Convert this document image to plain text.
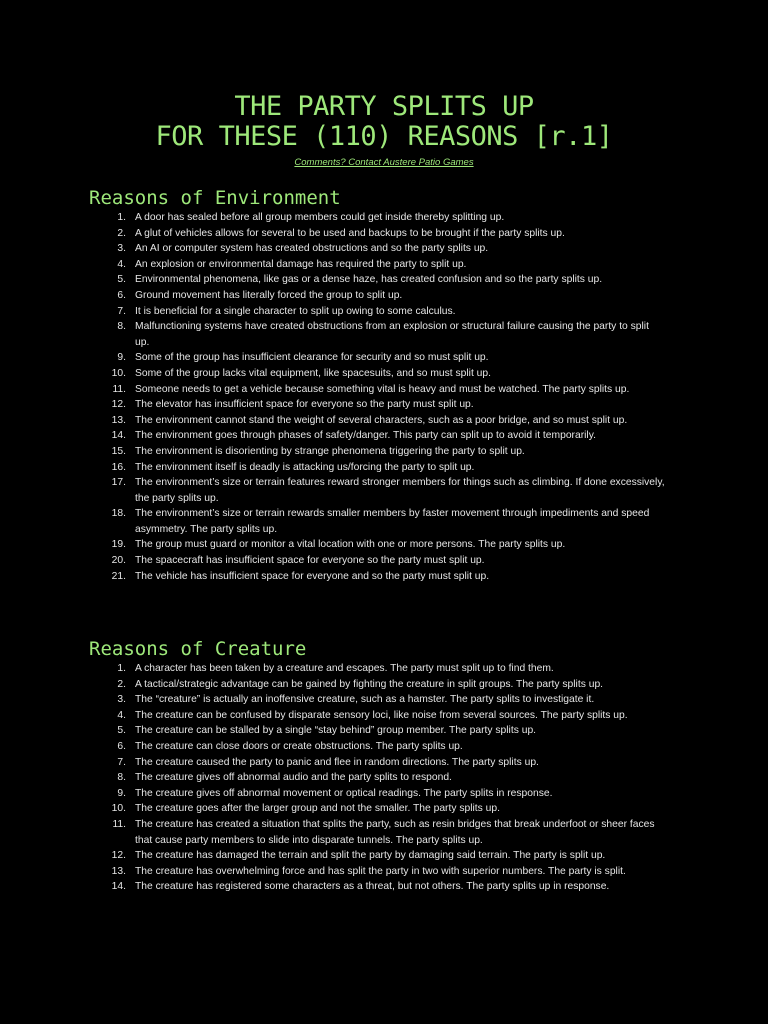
THE PARTY SPLITS UP
FOR THESE (110) REASONS [r.1]
Comments? Contact Austere Patio Games
Reasons of Environment
1. A door has sealed before all group members could get inside thereby splitting up.
2. A glut of vehicles allows for several to be used and backups to be brought if the party splits up.
3. An AI or computer system has created obstructions and so the party splits up.
4. An explosion or environmental damage has required the party to split up.
5. Environmental phenomena, like gas or a dense haze, has created confusion and so the party splits up.
6. Ground movement has literally forced the group to split up.
7. It is beneficial for a single character to split up owing to some calculus.
8. Malfunctioning systems have created obstructions from an explosion or structural failure causing the party to split up.
9. Some of the group has insufficient clearance for security and so must split up.
10. Some of the group lacks vital equipment, like spacesuits, and so must split up.
11. Someone needs to get a vehicle because something vital is heavy and must be watched. The party splits up.
12. The elevator has insufficient space for everyone so the party must split up.
13. The environment cannot stand the weight of several characters, such as a poor bridge, and so must split up.
14. The environment goes through phases of safety/danger. This party can split up to avoid it temporarily.
15. The environment is disorienting by strange phenomena triggering the party to split up.
16. The environment itself is deadly is attacking us/forcing the party to split up.
17. The environment’s size or terrain features reward stronger members for things such as climbing. If done excessively, the party splits up.
18. The environment’s size or terrain rewards smaller members by faster movement through impediments and speed asymmetry. The party splits up.
19. The group must guard or monitor a vital location with one or more persons. The party splits up.
20. The spacecraft has insufficient space for everyone so the party must split up.
21. The vehicle has insufficient space for everyone and so the party must split up.
Reasons of Creature
1. A character has been taken by a creature and escapes. The party must split up to find them.
2. A tactical/strategic advantage can be gained by fighting the creature in split groups. The party splits up.
3. The “creature” is actually an inoffensive creature, such as a hamster. The party splits to investigate it.
4. The creature can be confused by disparate sensory loci, like noise from several sources. The party splits up.
5. The creature can be stalled by a single “stay behind” group member. The party splits up.
6. The creature can close doors or create obstructions. The party splits up.
7. The creature caused the party to panic and flee in random directions. The party splits up.
8. The creature gives off abnormal audio and the party splits to respond.
9. The creature gives off abnormal movement or optical readings. The party splits in response.
10. The creature goes after the larger group and not the smaller. The party splits up.
11. The creature has created a situation that splits the party, such as resin bridges that break underfoot or sheer faces that cause party members to slide into disparate tunnels. The party splits up.
12. The creature has damaged the terrain and split the party by damaging said terrain. The party is split up.
13. The creature has overwhelming force and has split the party in two with superior numbers. The party is split.
14. The creature has registered some characters as a threat, but not others. The party splits up in response.
